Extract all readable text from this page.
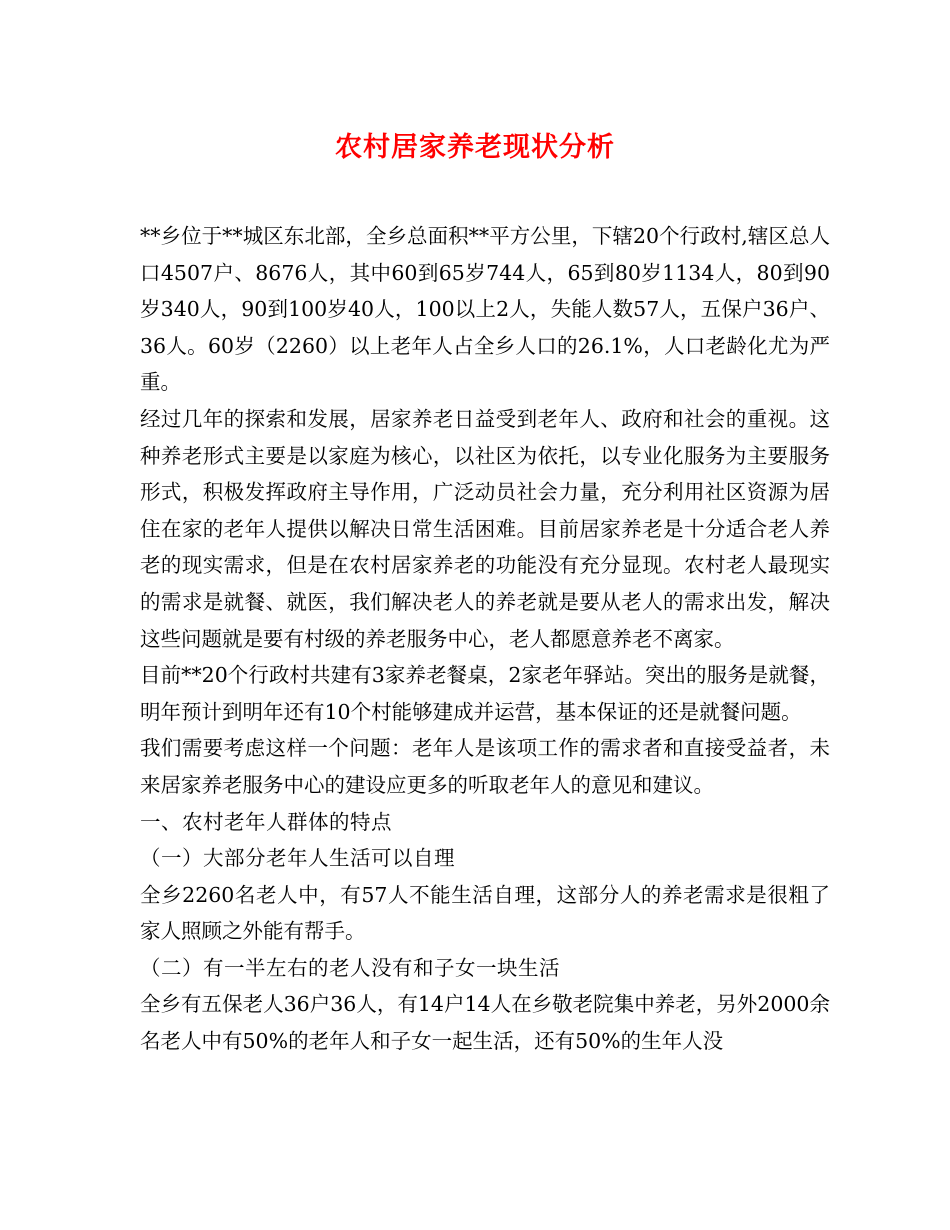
农村居家养老现状分析

**乡位于**城区东北部，全乡总面积**平方公里，下辖20个行政村,辖区总人口4507户、8676人，其中60到65岁744人，65到80岁1134人，80到90岁340人，90到100岁40人，100以上2人，失能人数57人，五保户36户、36人。60岁（2260）以上老年人占全乡人口的26.1%，人口老龄化尤为严重。

经过几年的探索和发展，居家养老日益受到老年人、政府和社会的重视。这种养老形式主要是以家庭为核心，以社区为依托，以专业化服务为主要服务形式，积极发挥政府主导作用，广泛动员社会力量，充分利用社区资源为居住在家的老年人提供以解决日常生活困难。目前居家养老是十分适合老人养老的现实需求，但是在农村居家养老的功能没有充分显现。农村老人最现实的需求是就餐、就医，我们解决老人的养老就是要从老人的需求出发，解决这些问题就是要有村级的养老服务中心，老人都愿意养老不离家。

目前**20个行政村共建有3家养老餐桌，2家老年驿站。突出的服务是就餐，明年预计到明年还有10个村能够建成并运营，基本保证的还是就餐问题。

我们需要考虑这样一个问题：老年人是该项工作的需求者和直接受益者，未来居家养老服务中心的建设应更多的听取老年人的意见和建议。

一、农村老年人群体的特点

（一）大部分老年人生活可以自理

全乡2260名老人中，有57人不能生活自理，这部分人的养老需求是很粗了家人照顾之外能有帮手。

（二）有一半左右的老人没有和子女一块生活

全乡有五保老人36户36人，有14户14人在乡敬老院集中养老，另外2000余名老人中有50%的老年人和子女一起生活，还有50%的生年人没
